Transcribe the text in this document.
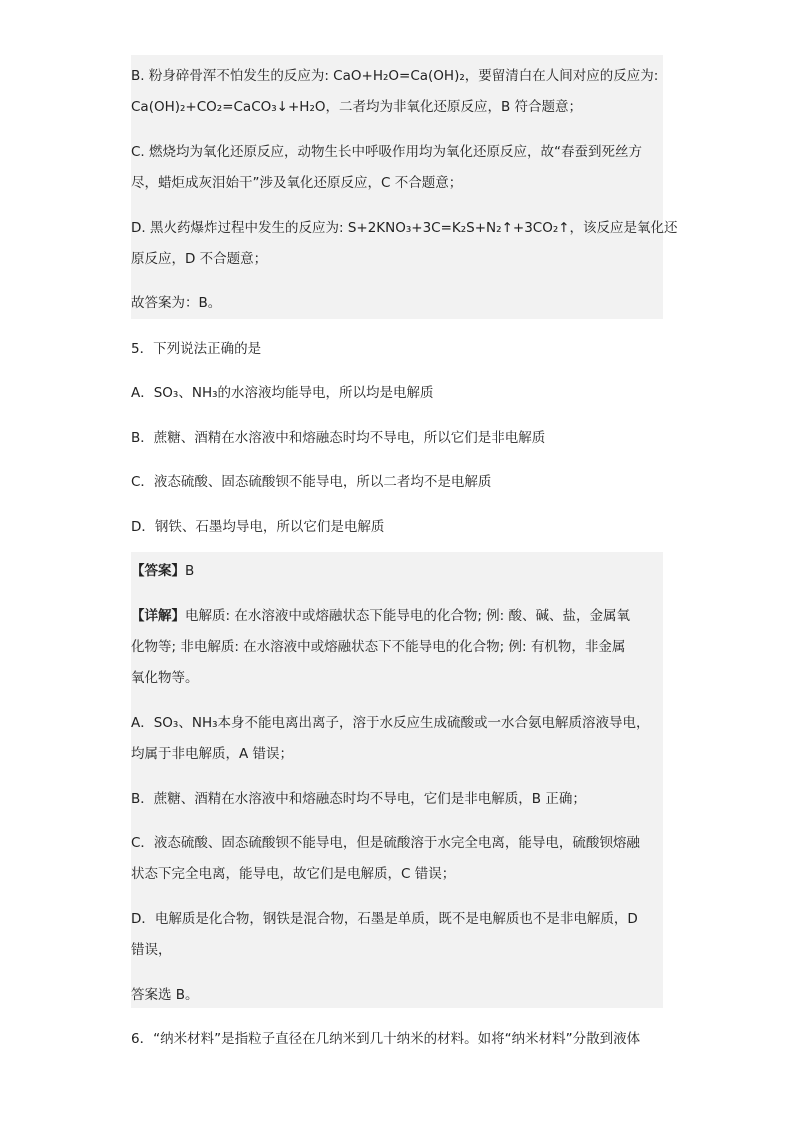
B. 粉身碎骨浑不怕发生的反应为: CaO+H₂O=Ca(OH)₂，要留清白在人间对应的反应为:
Ca(OH)₂+CO₂=CaCO₃↓+H₂O，二者均为非氧化还原反应，B 符合题意；
C. 燃烧均为氧化还原反应，动物生长中呼吸作用均为氧化还原反应，故“春蚕到死丝方
尽，蜡炬成灰泪始干”涉及氧化还原反应，C 不合题意；
D. 黑火药爆炸过程中发生的反应为: S+2KNO₃+3C=K₂S+N₂↑+3CO₂↑，该反应是氧化还
原反应，D 不合题意；
故答案为：B。
5．下列说法正确的是
A．SO₃、NH₃的水溶液均能导电，所以均是电解质
B．蔗糖、酒精在水溶液中和熔融态时均不导电，所以它们是非电解质
C．液态硫酸、固态硫酸钡不能导电，所以二者均不是电解质
D．钢铁、石墨均导电，所以它们是电解质
【答案】B
【详解】电解质: 在水溶液中或熔融状态下能导电的化合物; 例: 酸、碱、盐，金属氧
化物等; 非电解质: 在水溶液中或熔融状态下不能导电的化合物; 例: 有机物，非金属
氧化物等。
A．SO₃、NH₃本身不能电离出离子，溶于水反应生成硫酸或一水合氨电解质溶液导电，
均属于非电解质，A 错误；
B．蔗糖、酒精在水溶液中和熔融态时均不导电，它们是非电解质，B 正确；
C．液态硫酸、固态硫酸钡不能导电，但是硫酸溶于水完全电离，能导电，硫酸钡熔融
状态下完全电离，能导电，故它们是电解质，C 错误；
D．电解质是化合物，钢铁是混合物，石墨是单质，既不是电解质也不是非电解质，D
错误，
答案选 B。
6．“纳米材料”是指粒子直径在几纳米到几十纳米的材料。如将“纳米材料”分散到液体
